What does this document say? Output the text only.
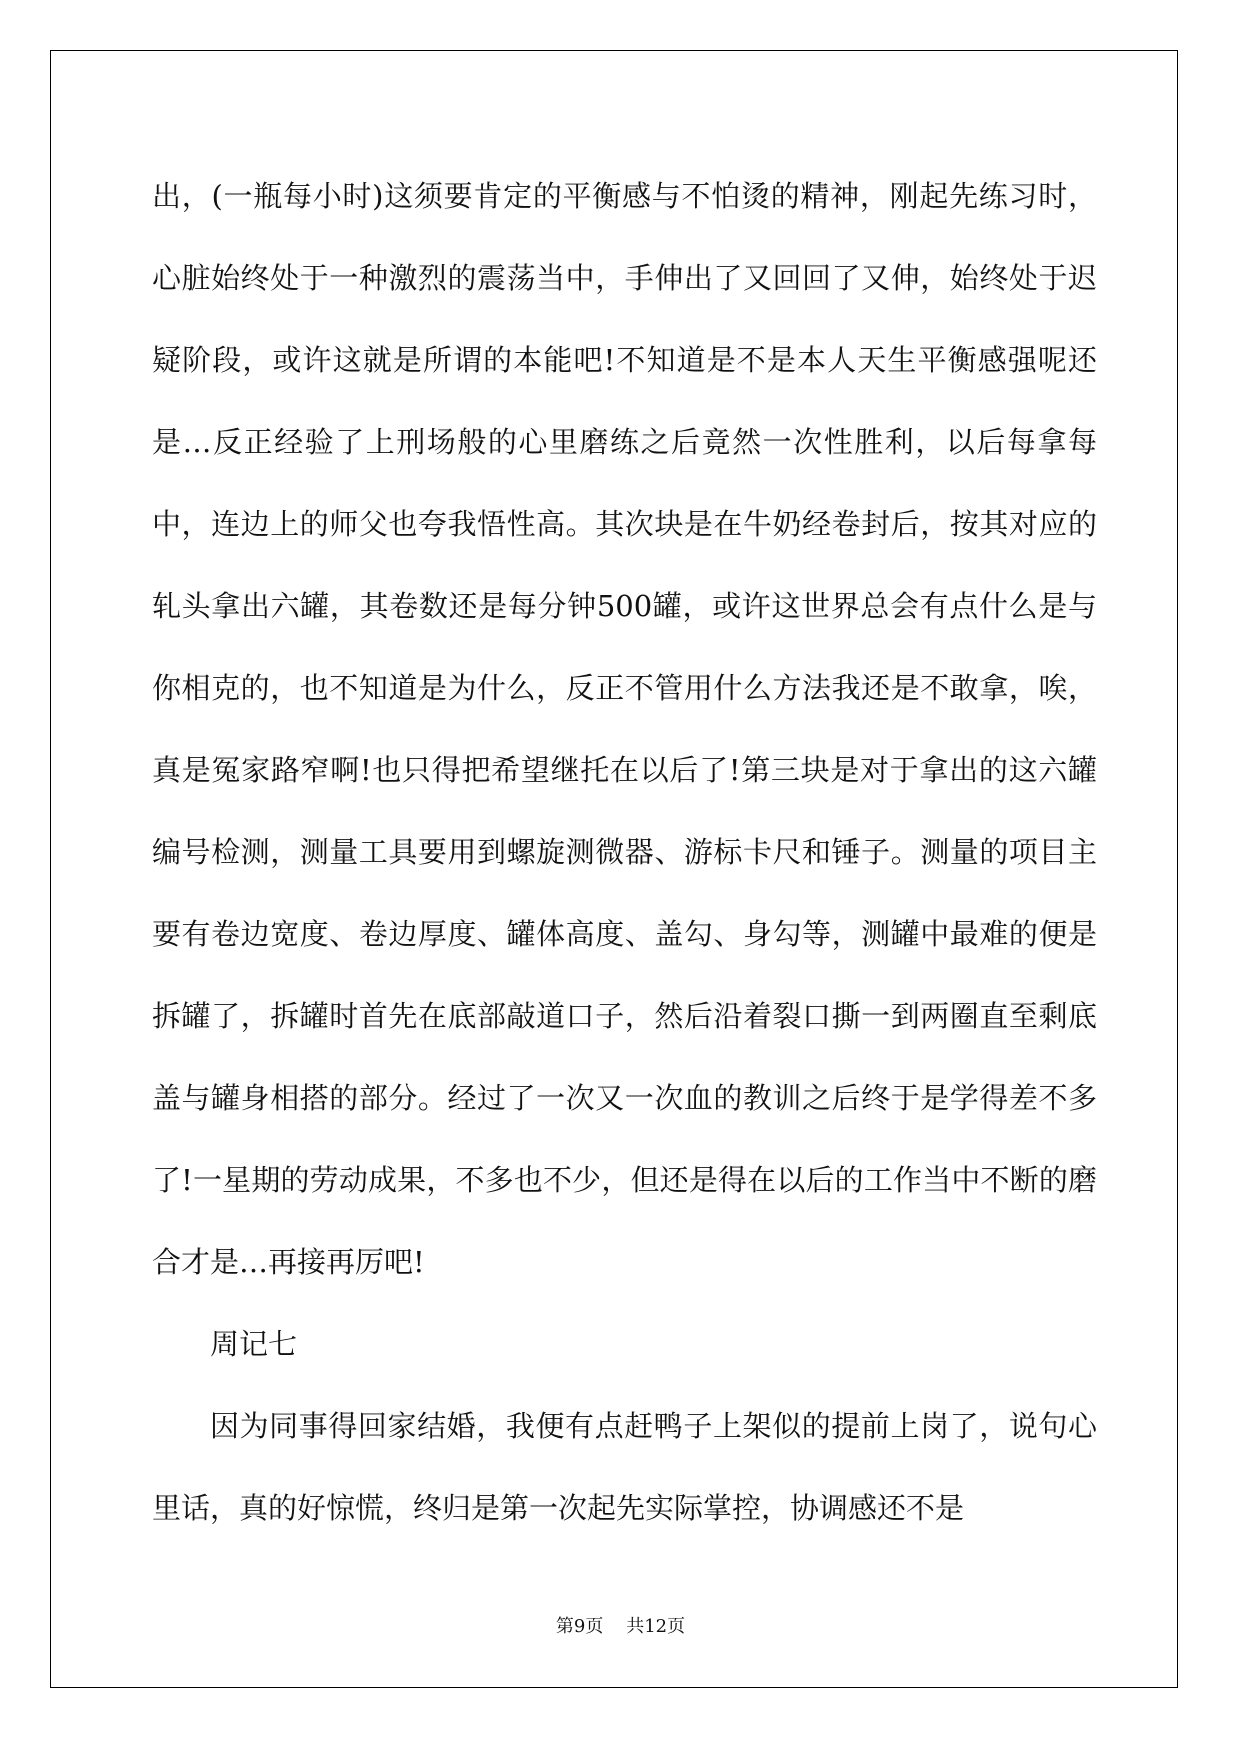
出，(一瓶每小时)这须要肯定的平衡感与不怕烫的精神，刚起先练习时，心脏始终处于一种激烈的震荡当中，手伸出了又回回了又伸，始终处于迟疑阶段，或许这就是所谓的本能吧!不知道是不是本人天生平衡感强呢还是…反正经验了上刑场般的心里磨练之后竟然一次性胜利，以后每拿每中，连边上的师父也夸我悟性高。其次块是在牛奶经卷封后，按其对应的轧头拿出六罐，其卷数还是每分钟500罐，或许这世界总会有点什么是与你相克的，也不知道是为什么，反正不管用什么方法我还是不敢拿，唉，真是冤家路窄啊!也只得把希望继托在以后了!第三块是对于拿出的这六罐编号检测，测量工具要用到螺旋测微器、游标卡尺和锤子。测量的项目主要有卷边宽度、卷边厚度、罐体高度、盖勾、身勾等，测罐中最难的便是拆罐了，拆罐时首先在底部敲道口子，然后沿着裂口撕一到两圈直至剩底盖与罐身相搭的部分。经过了一次又一次血的教训之后终于是学得差不多了!一星期的劳动成果，不多也不少，但还是得在以后的工作当中不断的磨合才是…再接再厉吧!

周记七

因为同事得回家结婚，我便有点赶鸭子上架似的提前上岗了，说句心里话，真的好惊慌，终归是第一次起先实际掌控，协调感还不是

第9页 共12页
